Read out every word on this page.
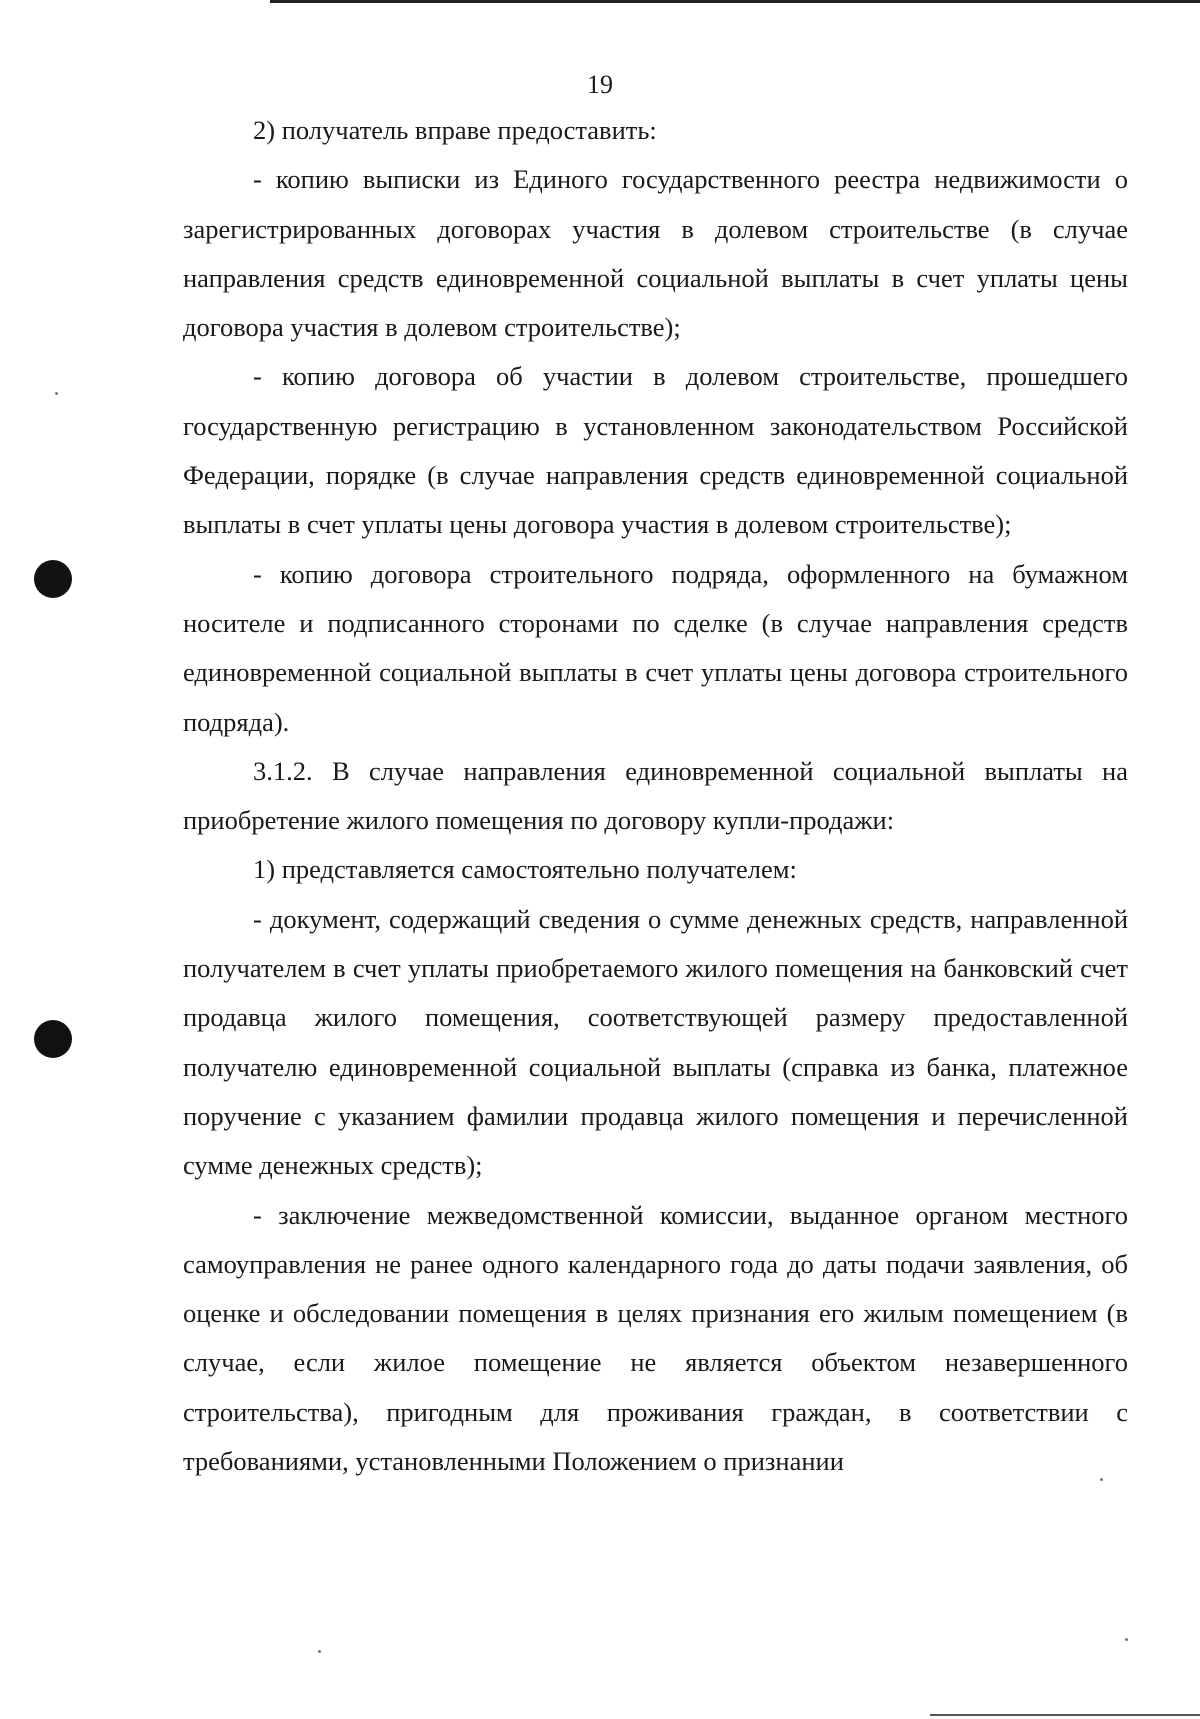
19

2) получатель вправе предоставить:

- копию выписки из Единого государственного реестра недвижимости о зарегистрированных договорах участия в долевом строительстве (в случае направления средств единовременной социальной выплаты в счет уплаты цены договора участия в долевом строительстве);

- копию договора об участии в долевом строительстве, прошедшего государственную регистрацию в установленном законодательством Российской Федерации, порядке (в случае направления средств единовременной социальной выплаты в счет уплаты цены договора участия в долевом строительстве);

- копию договора строительного подряда, оформленного на бумажном носителе и подписанного сторонами по сделке (в случае направления средств единовременной социальной выплаты в счет уплаты цены договора строительного подряда).

3.1.2. В случае направления единовременной социальной выплаты на приобретение жилого помещения по договору купли-продажи:

1) представляется самостоятельно получателем:

- документ, содержащий сведения о сумме денежных средств, направленной получателем в счет уплаты приобретаемого жилого помещения на банковский счет продавца жилого помещения, соответствующей размеру предоставленной получателю единовременной социальной выплаты (справка из банка, платежное поручение с указанием фамилии продавца жилого помещения и перечисленной сумме денежных средств);

- заключение межведомственной комиссии, выданное органом местного самоуправления не ранее одного календарного года до даты подачи заявления, об оценке и обследовании помещения в целях признания его жилым помещением (в случае, если жилое помещение не является объектом незавершенного строительства), пригодным для проживания граждан, в соответствии с требованиями, установленными Положением о признании
